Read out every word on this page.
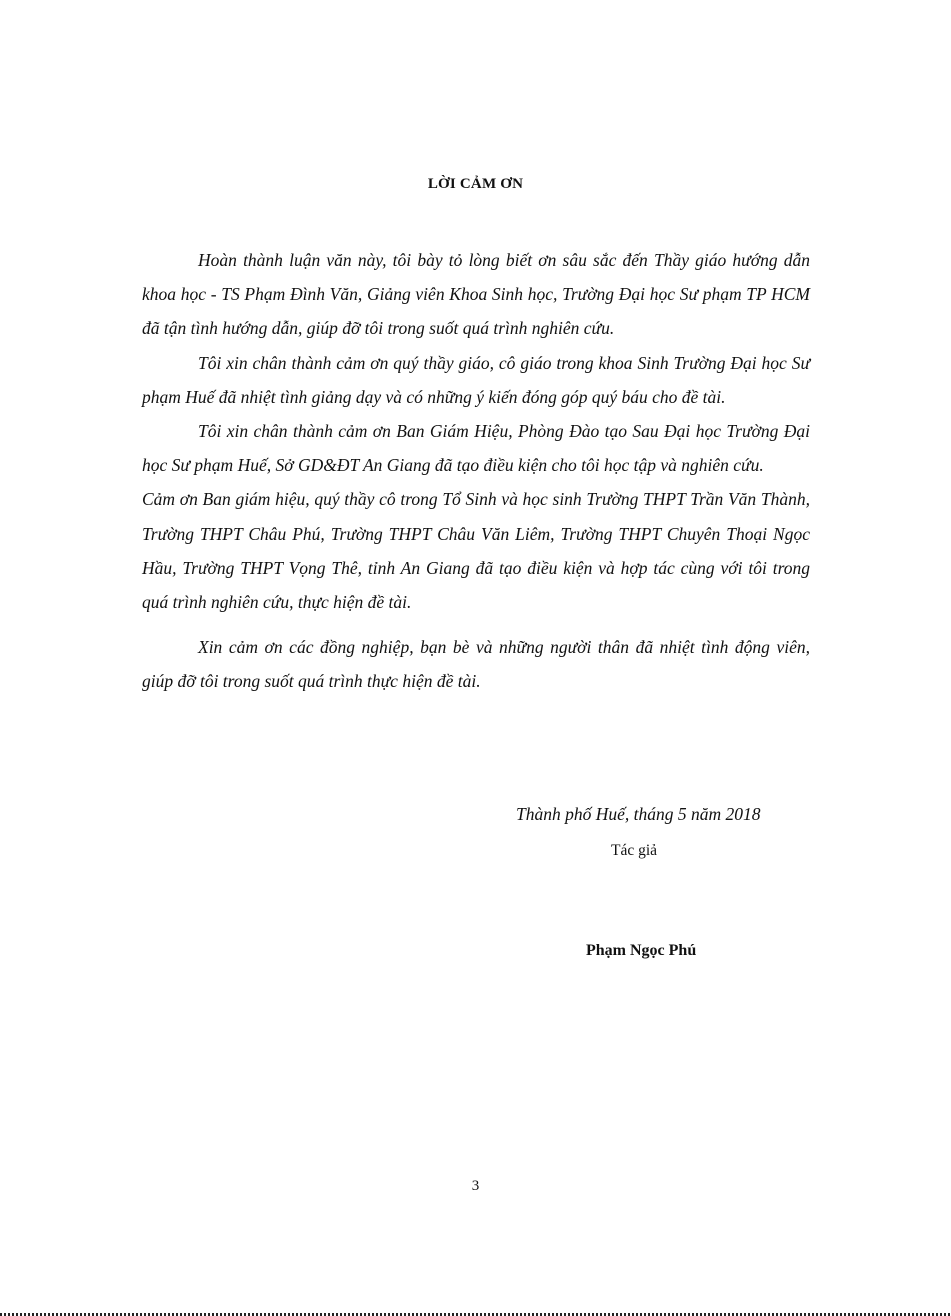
LỜI CẢM ƠN

Hoàn thành luận văn này, tôi bày tỏ lòng biết ơn sâu sắc đến Thầy giáo hướng dẫn khoa học - TS Phạm Đình Văn, Giảng viên Khoa Sinh học, Trường Đại học Sư phạm TP HCM đã tận tình hướng dẫn, giúp đỡ tôi trong suốt quá trình nghiên cứu.

Tôi xin chân thành cảm ơn quý thầy giáo, cô giáo trong khoa Sinh Trường Đại học Sư phạm Huế đã nhiệt tình giảng dạy và có những ý kiến đóng góp quý báu cho đề tài.

Tôi xin chân thành cảm ơn Ban Giám Hiệu, Phòng Đào tạo Sau Đại học Trường Đại học Sư phạm Huế, Sở GD&ĐT An Giang đã tạo điều kiện cho tôi học tập và nghiên cứu.

Cảm ơn Ban giám hiệu, quý thầy cô trong Tổ Sinh và học sinh Trường THPT Trần Văn Thành, Trường THPT Châu Phú, Trường THPT Châu Văn Liêm, Trường THPT Chuyên Thoại Ngọc Hầu, Trường THPT Vọng Thê, tỉnh An Giang đã tạo điều kiện và hợp tác cùng với tôi trong quá trình nghiên cứu, thực hiện đề tài.

Xin cảm ơn các đồng nghiệp, bạn bè và những người thân đã nhiệt tình động viên, giúp đỡ tôi trong suốt quá trình thực hiện đề tài.

Thành phố Huế, tháng 5 năm 2018
Tác giả
Phạm Ngọc Phú
3
